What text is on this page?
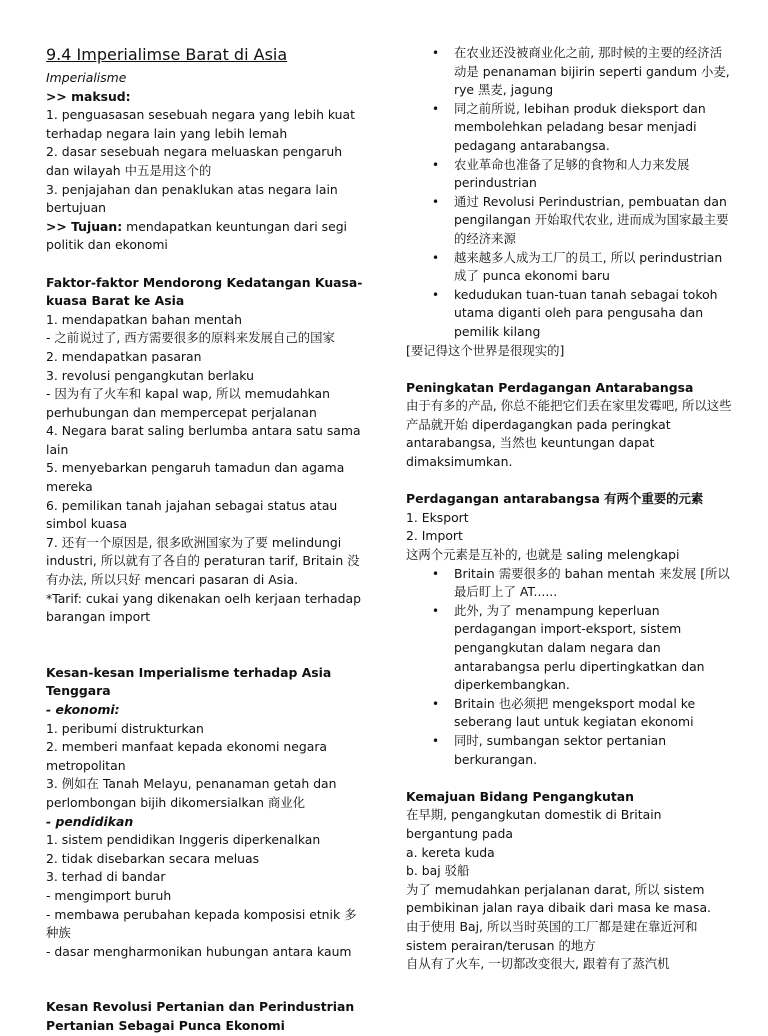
9.4 Imperialimse Barat di Asia

Imperialisme

>> maksud:

1. penguasasan sesebuah negara yang lebih kuat terhadap negara lain yang lebih lemah

2. dasar sesebuah negara meluaskan pengaruh dan wilayah 中五是用这个的

3. penjajahan dan penaklukan atas negara lain bertujuan

>> Tujuan: mendapatkan keuntungan dari segi politik dan ekonomi

Faktor-faktor Mendorong Kedatangan Kuasa-kuasa Barat ke Asia

1. mendapatkan bahan mentah

- 之前说过了, 西方需要很多的原料来发展自己的国家

2. mendapatkan pasaran

3. revolusi pengangkutan berlaku

- 因为有了火车和 kapal wap, 所以 memudahkan perhubungan dan mempercepat perjalanan

4. Negara barat saling berlumba antara satu sama lain

5. menyebarkan pengaruh tamadun dan agama mereka

6. pemilikan tanah jajahan sebagai status atau simbol kuasa

7. 还有一个原因是, 很多欧洲国家为了要 melindungi industri, 所以就有了各自的 peraturan tarif, Britain 没有办法, 所以只好 mencari pasaran di Asia.

*Tarif: cukai yang dikenakan oelh kerjaan terhadap barangan import

Kesan-kesan Imperialisme terhadap Asia Tenggara

- ekonomi:

1. peribumi distrukturkan

2. memberi manfaat kepada ekonomi negara metropolitan

3. 例如在 Tanah Melayu, penanaman getah dan perlombongan bijih dikomersialkan 商业化

- pendidikan

1. sistem pendidikan Inggeris diperkenalkan

2. tidak disebarkan secara meluas

3. terhad di bandar

- mengimport buruh

- membawa perubahan kepada komposisi etnik 多种族

- dasar mengharmonikan hubungan antara kaum

Kesan Revolusi Pertanian dan Perindustrian

Pertanian Sebagai Punca Ekonomi

• 在农业还没被商业化之前, 那时候的主要的经济活动是 penanaman bijirin seperti gandum 小麦, rye 黑麦, jagung
• 同之前所说, lebihan produk dieksport dan membolehkan peladang besar menjadi pedagang antarabangsa.
• 农业革命也准备了足够的食物和人力来发展 perindustrian
• 通过 Revolusi Perindustrian, pembuatan dan pengilangan 开始取代农业, 进而成为国家最主要的经济来源
• 越来越多人成为工厂的员工, 所以 perindustrian 成了 punca ekonomi baru
• kedudukan tuan-tuan tanah sebagai tokoh utama diganti oleh para pengusaha dan pemilik kilang

[要记得这个世界是很现实的]

Peningkatan Perdagangan Antarabangsa

由于有多的产品, 你总不能把它们丢在家里发霉吧, 所以这些产品就开始 diperdagangkan pada peringkat antarabangsa, 当然也 keuntungan dapat dimaksimumkan.

Perdagangan antarabangsa 有两个重要的元素

1. Eksport

2. Import

这两个元素是互补的, 也就是 saling melengkapi

• Britain 需要很多的 bahan mentah 来发展 [所以最后盯上了 AT......
• 此外, 为了 menampung keperluan perdagangan import-eksport, sistem pengangkutan dalam negara dan antarabangsa perlu dipertingkatkan dan diperkembangkan.
• Britain 也必须把 mengeksport modal ke seberang laut untuk kegiatan ekonomi
• 同时, sumbangan sektor pertanian berkurangan.

Kemajuan Bidang Pengangkutan

在早期, pengangkutan domestik di Britain bergantung pada

a. kereta kuda

b. baj 驳船

为了 memudahkan perjalanan darat, 所以 sistem pembikinan jalan raya dibaik dari masa ke masa.

由于使用 Baj, 所以当时英国的工厂都是建在靠近河和 sistem perairan/terusan 的地方

自从有了火车, 一切都改变很大, 跟着有了蒸汽机
